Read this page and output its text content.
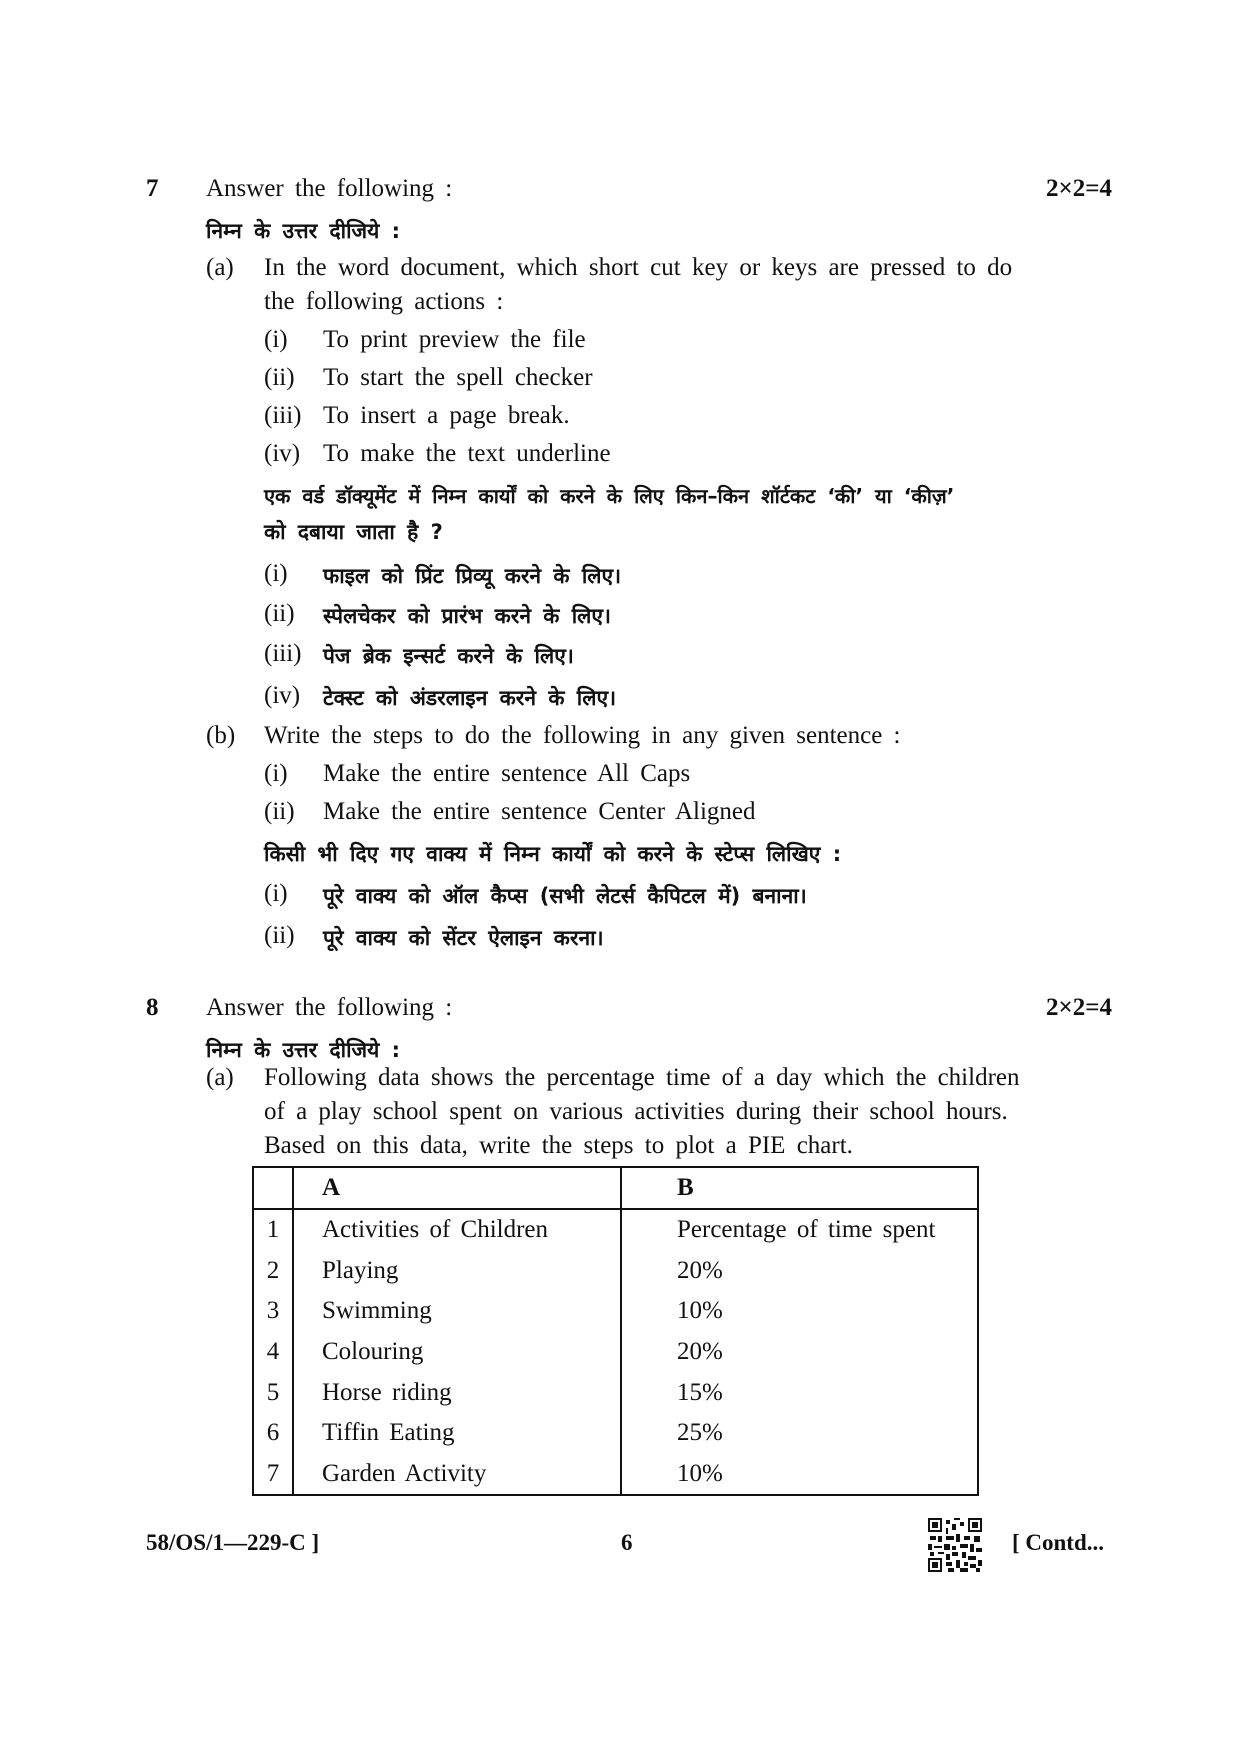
7 Answer the following :	2×2=4
निम्न के उत्तर दीजिये :
(a) In the word document, which short cut key or keys are pressed to do
the following actions :
(i) To print preview the file
(ii) To start the spell checker
(iii) To insert a page break.
(iv) To make the text underline
एक वर्ड डॉक्यूमेंट में निम्न कार्यों को करने के लिए किन–किन शॉर्टकट ‘की’ या ‘कीज़’
को दबाया जाता है ?
(i) फाइल को प्रिंट प्रिव्यू करने के लिए।
(ii) स्पेलचेकर को प्रारंभ करने के लिए।
(iii) पेज ब्रेक इन्सर्ट करने के लिए।
(iv) टेक्स्ट को अंडरलाइन करने के लिए।
(b) Write the steps to do the following in any given sentence :
(i) Make the entire sentence All Caps
(ii) Make the entire sentence Center Aligned
किसी भी दिए गए वाक्य में निम्न कार्यों को करने के स्टेप्स लिखिए :
(i) पूरे वाक्य को ऑल कैप्स (सभी लेटर्स कैपिटल में) बनाना।
(ii) पूरे वाक्य को सेंटर ऐलाइन करना।
8 Answer the following :	2×2=4
निम्न के उत्तर दीजिये :
(a) Following data shows the percentage time of a day which the children
of a play school spent on various activities during their school hours.
Based on this data, write the steps to plot a PIE chart.
	A	B
1	Activities of Children	Percentage of time spent
2	Playing	20%
3	Swimming	10%
4	Colouring	20%
5	Horse riding	15%
6	Tiffin Eating	25%
7	Garden Activity	10%
58/OS/1—229-C ]	6	[ Contd...
